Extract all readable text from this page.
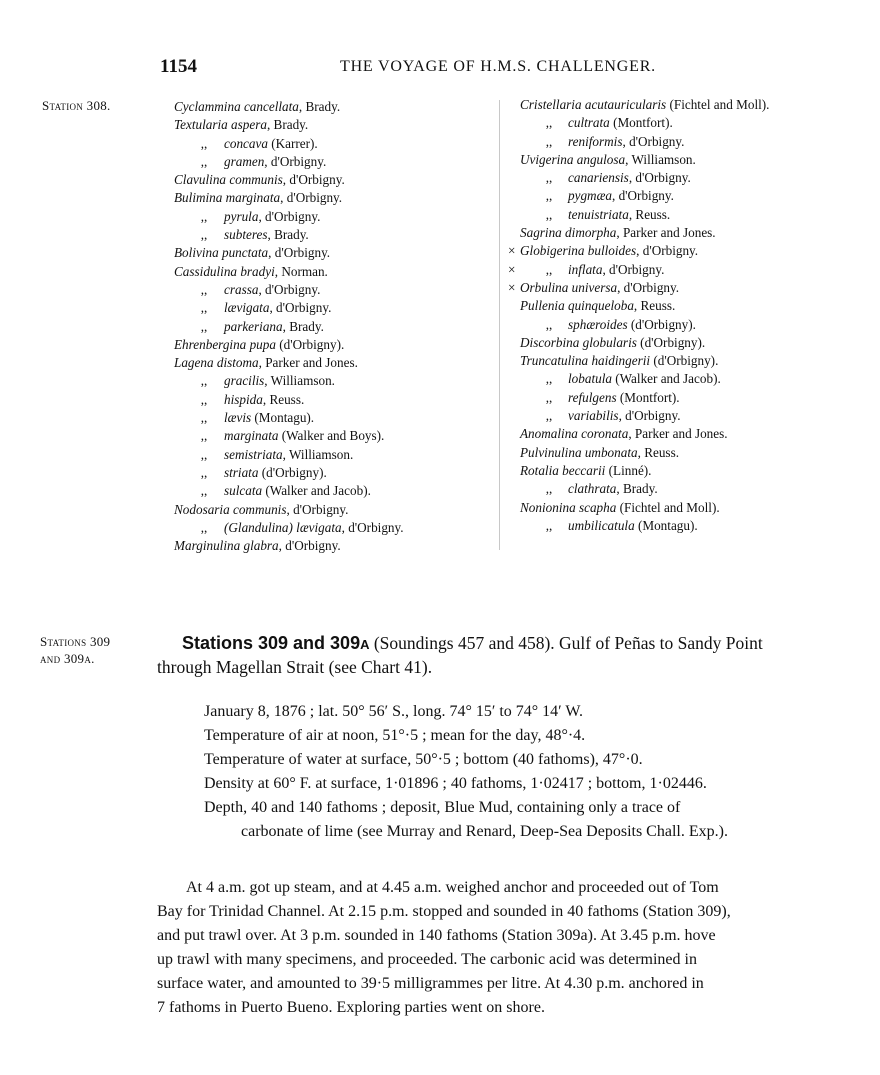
1154	THE VOYAGE OF H.M.S. CHALLENGER.
Station 308.	Cyclammina cancellata, Brady.
Textularia aspera, Brady.
,, concava (Karrer).
,, gramen, d'Orbigny.
Clavulina communis, d'Orbigny.
Bulimina marginata, d'Orbigny.
,, pyrula, d'Orbigny.
,, subteres, Brady.
Bolivina punctata, d'Orbigny.
Cassidulina bradyi, Norman.
,, crassa, d'Orbigny.
,, lævigata, d'Orbigny.
,, parkeriana, Brady.
Ehrenbergina pupa (d'Orbigny).
Lagena distoma, Parker and Jones.
,, gracilis, Williamson.
,, hispida, Reuss.
,, lævis (Montagu).
,, marginata (Walker and Boys).
,, semistriata, Williamson.
,, striata (d'Orbigny).
,, sulcata (Walker and Jacob).
Nodosaria communis, d'Orbigny.
,, (Glandulina) lævigata, d'Orbigny.
Marginulina glabra, d'Orbigny.
Cristellaria acutauricularis (Fichtel and Moll).
,, cultrata (Montfort).
,, reniformis, d'Orbigny.
Uvigerina angulosa, Williamson.
,, canariensis, d'Orbigny.
,, pygmæa, d'Orbigny.
,, tenuistriata, Reuss.
Sagrina dimorpha, Parker and Jones.
× Globigerina bulloides, d'Orbigny.
× ,, inflata, d'Orbigny.
× Orbulina universa, d'Orbigny.
Pullenia quinqueloba, Reuss.
,, sphæroides (d'Orbigny).
Discorbina globularis (d'Orbigny).
Truncatulina haidingerii (d'Orbigny).
,, lobatula (Walker and Jacob).
,, refulgens (Montfort).
,, variabilis, d'Orbigny.
Anomalina coronata, Parker and Jones.
Pulvinulina umbonata, Reuss.
Rotalia beccarii (Linné).
,, clathrata, Brady.
Nonionina scapha (Fichtel and Moll).
,, umbilicatula (Montagu).
Stations 309
and 309a.
Stations 309 and 309A (Soundings 457 and 458). Gulf of Peñas to Sandy Point
through Magellan Strait (see Chart 41).
January 8, 1876 ; lat. 50° 56′ S., long. 74° 15′ to 74° 14′ W.
Temperature of air at noon, 51°·5 ; mean for the day, 48°·4.
Temperature of water at surface, 50°·5 ; bottom (40 fathoms), 47°·0.
Density at 60° F. at surface, 1·01896 ; 40 fathoms, 1·02417 ; bottom, 1·02446.
Depth, 40 and 140 fathoms ; deposit, Blue Mud, containing only a trace of
carbonate of lime (see Murray and Renard, Deep-Sea Deposits Chall. Exp.).
At 4 a.m. got up steam, and at 4.45 a.m. weighed anchor and proceeded out of Tom
Bay for Trinidad Channel. At 2.15 p.m. stopped and sounded in 40 fathoms (Station 309),
and put trawl over. At 3 p.m. sounded in 140 fathoms (Station 309a). At 3.45 p.m. hove
up trawl with many specimens, and proceeded. The carbonic acid was determined in
surface water, and amounted to 39·5 milligrammes per litre. At 4.30 p.m. anchored in
7 fathoms in Puerto Bueno. Exploring parties went on shore.
